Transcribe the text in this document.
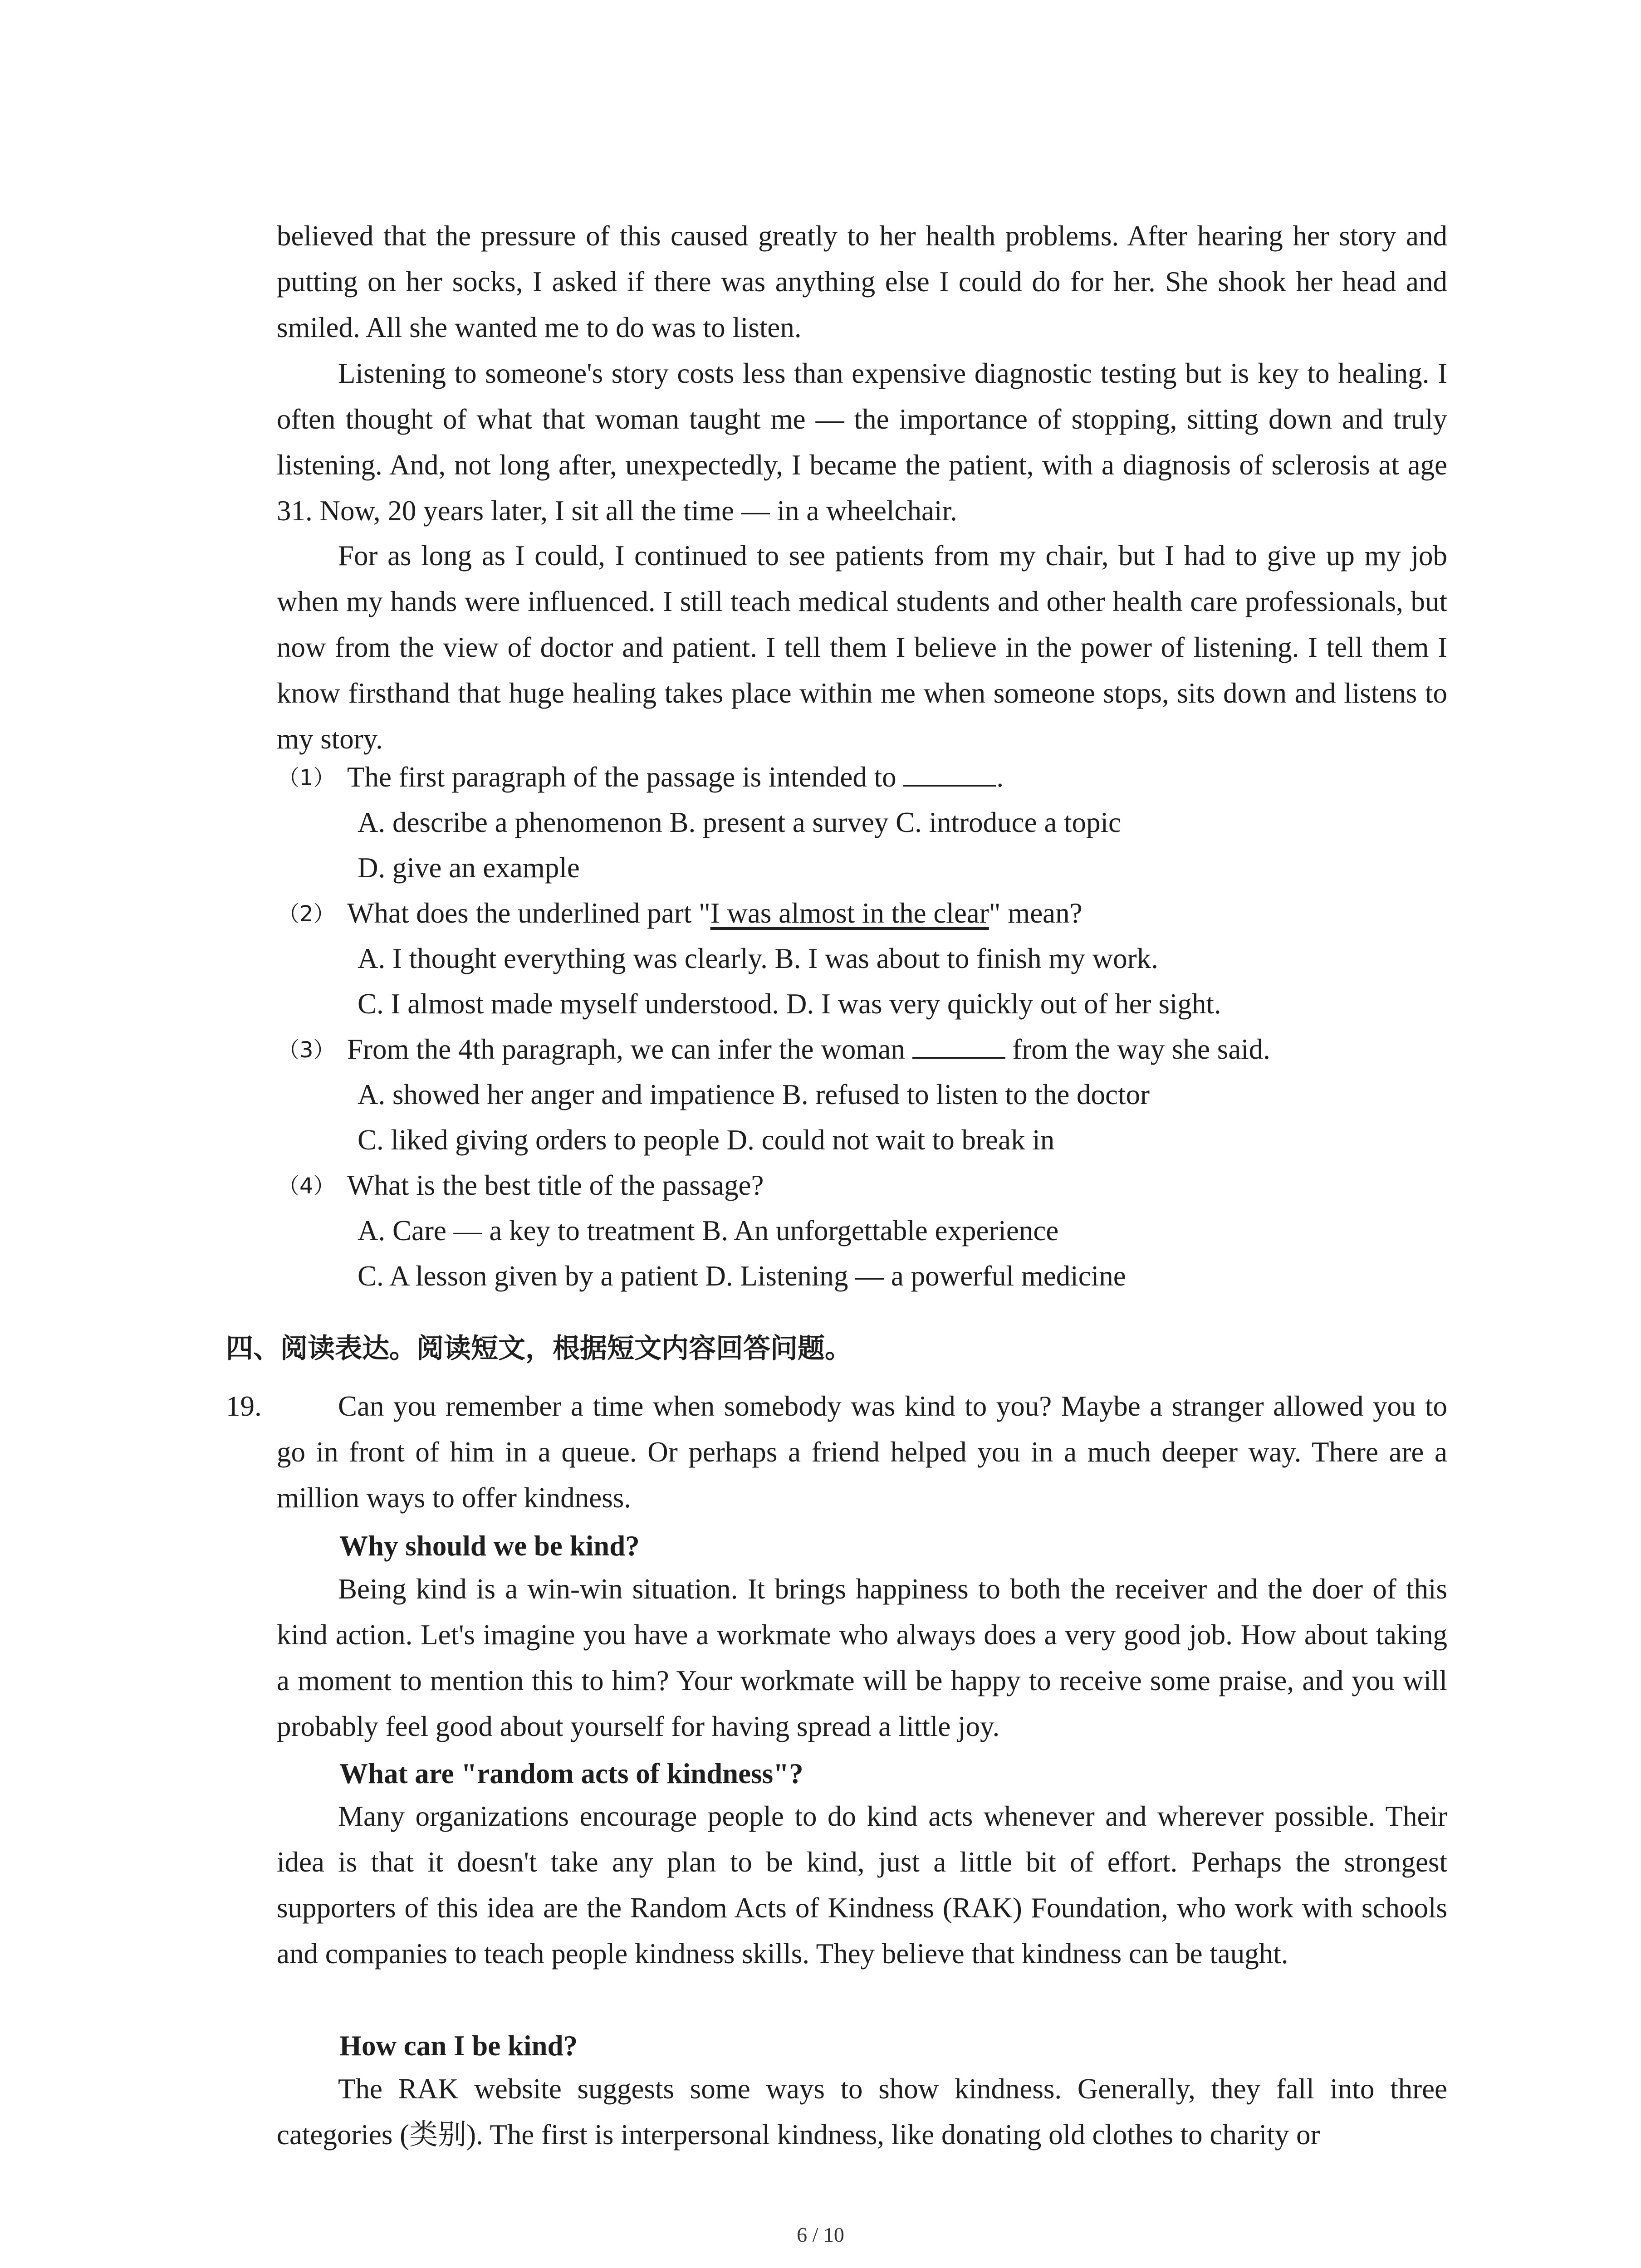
believed that the pressure of this caused greatly to her health problems. After hearing her story and putting on her socks, I asked if there was anything else I could do for her. She shook her head and smiled. All she wanted me to do was to listen.
Listening to someone's story costs less than expensive diagnostic testing but is key to healing. I often thought of what that woman taught me — the importance of stopping, sitting down and truly listening. And, not long after, unexpectedly, I became the patient, with a diagnosis of sclerosis at age 31. Now, 20 years later, I sit all the time — in a wheelchair.
For as long as I could, I continued to see patients from my chair, but I had to give up my job when my hands were influenced. I still teach medical students and other health care professionals, but now from the view of doctor and patient. I tell them I believe in the power of listening. I tell them I know firsthand that huge healing takes place within me when someone stops, sits down and listens to my story.
（1） The first paragraph of the passage is intended to	.
A. describe a phenomenon B. present a survey C. introduce a topic
D. give an example
（2） What does the underlined part "I was almost in the clear" mean?
A. I thought everything was clearly. B. I was about to finish my work.
C. I almost made myself understood. D. I was very quickly out of her sight.
（3） From the 4th paragraph, we can infer the woman	from the way she said.
A. showed her anger and impatience B. refused to listen to the doctor
C. liked giving orders to people D. could not wait to break in
（4） What is the best title of the passage?
A. Care — a key to treatment B. An unforgettable experience
C. A lesson given by a patient D. Listening — a powerful medicine
四、阅读表达。阅读短文，根据短文内容回答问题。
19.	Can you remember a time when somebody was kind to you? Maybe a stranger allowed you to go in front of him in a queue. Or perhaps a friend helped you in a much deeper way. There are a million ways to offer kindness.
Why should we be kind?
Being kind is a win-win situation. It brings happiness to both the receiver and the doer of this kind action. Let's imagine you have a workmate who always does a very good job. How about taking a moment to mention this to him? Your workmate will be happy to receive some praise, and you will probably feel good about yourself for having spread a little joy.
What are "random acts of kindness"?
Many organizations encourage people to do kind acts whenever and wherever possible. Their idea is that it doesn't take any plan to be kind, just a little bit of effort. Perhaps the strongest supporters of this idea are the Random Acts of Kindness (RAK) Foundation, who work with schools and companies to teach people kindness skills. They believe that kindness can be taught.
How can I be kind?
The RAK website suggests some ways to show kindness. Generally, they fall into three categories (类别). The first is interpersonal kindness, like donating old clothes to charity or
6 / 10
